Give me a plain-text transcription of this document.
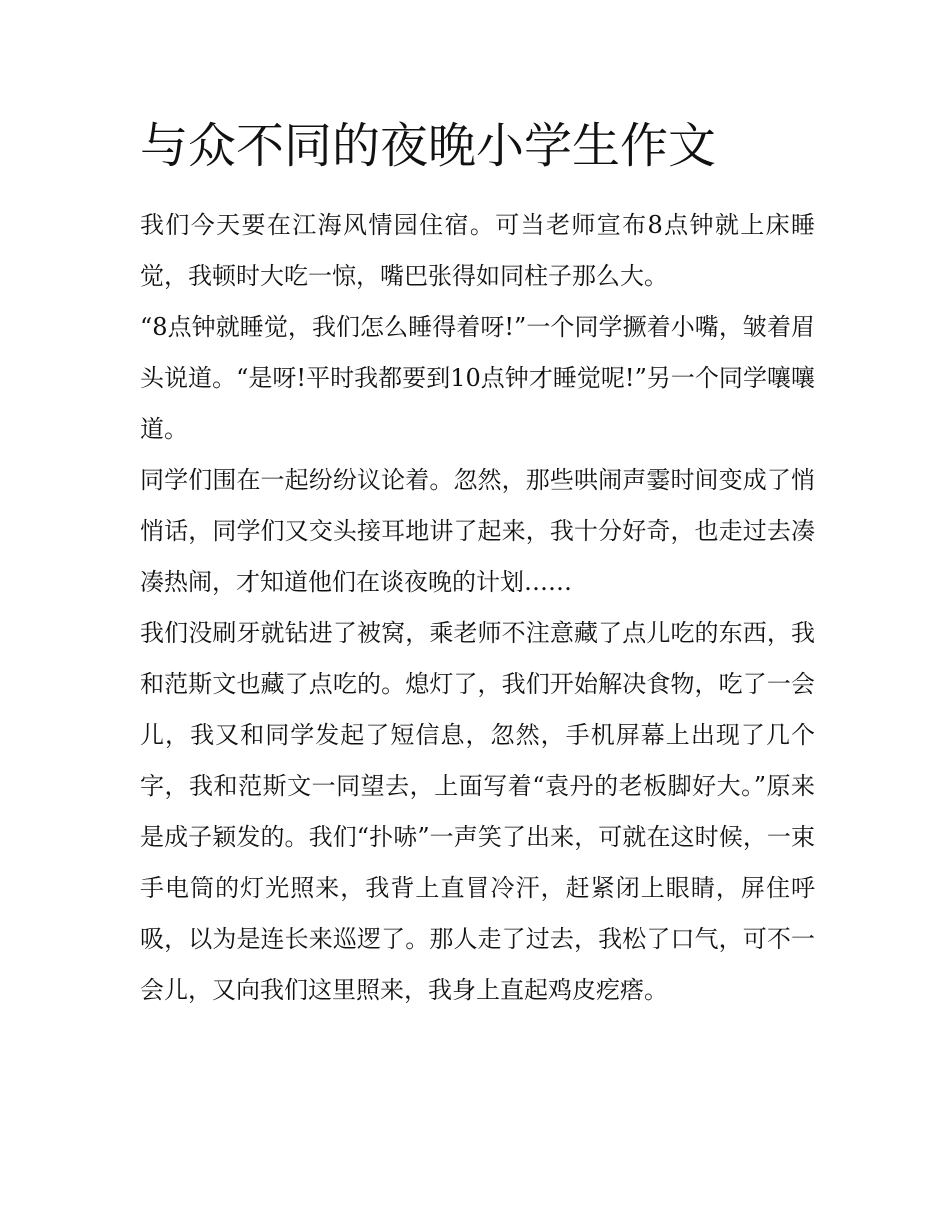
与众不同的夜晚小学生作文

我们今天要在江海风情园住宿。可当老师宣布8点钟就上床睡觉，我顿时大吃一惊，嘴巴张得如同柱子那么大。

“8点钟就睡觉，我们怎么睡得着呀!”一个同学撅着小嘴，皱着眉头说道。“是呀!平时我都要到10点钟才睡觉呢!”另一个同学嚷嚷道。

同学们围在一起纷纷议论着。忽然，那些哄闹声霎时间变成了悄悄话，同学们又交头接耳地讲了起来，我十分好奇，也走过去凑凑热闹，才知道他们在谈夜晚的计划……

我们没刷牙就钻进了被窝，乘老师不注意藏了点儿吃的东西，我和范斯文也藏了点吃的。熄灯了，我们开始解决食物，吃了一会儿，我又和同学发起了短信息，忽然，手机屏幕上出现了几个字，我和范斯文一同望去，上面写着“袁丹的老板脚好大。”原来是成子颖发的。我们“扑哧”一声笑了出来，可就在这时候，一束手电筒的灯光照来，我背上直冒冷汗，赶紧闭上眼睛，屏住呼吸，以为是连长来巡逻了。那人走了过去，我松了口气，可不一会儿，又向我们这里照来，我身上直起鸡皮疙瘩。
